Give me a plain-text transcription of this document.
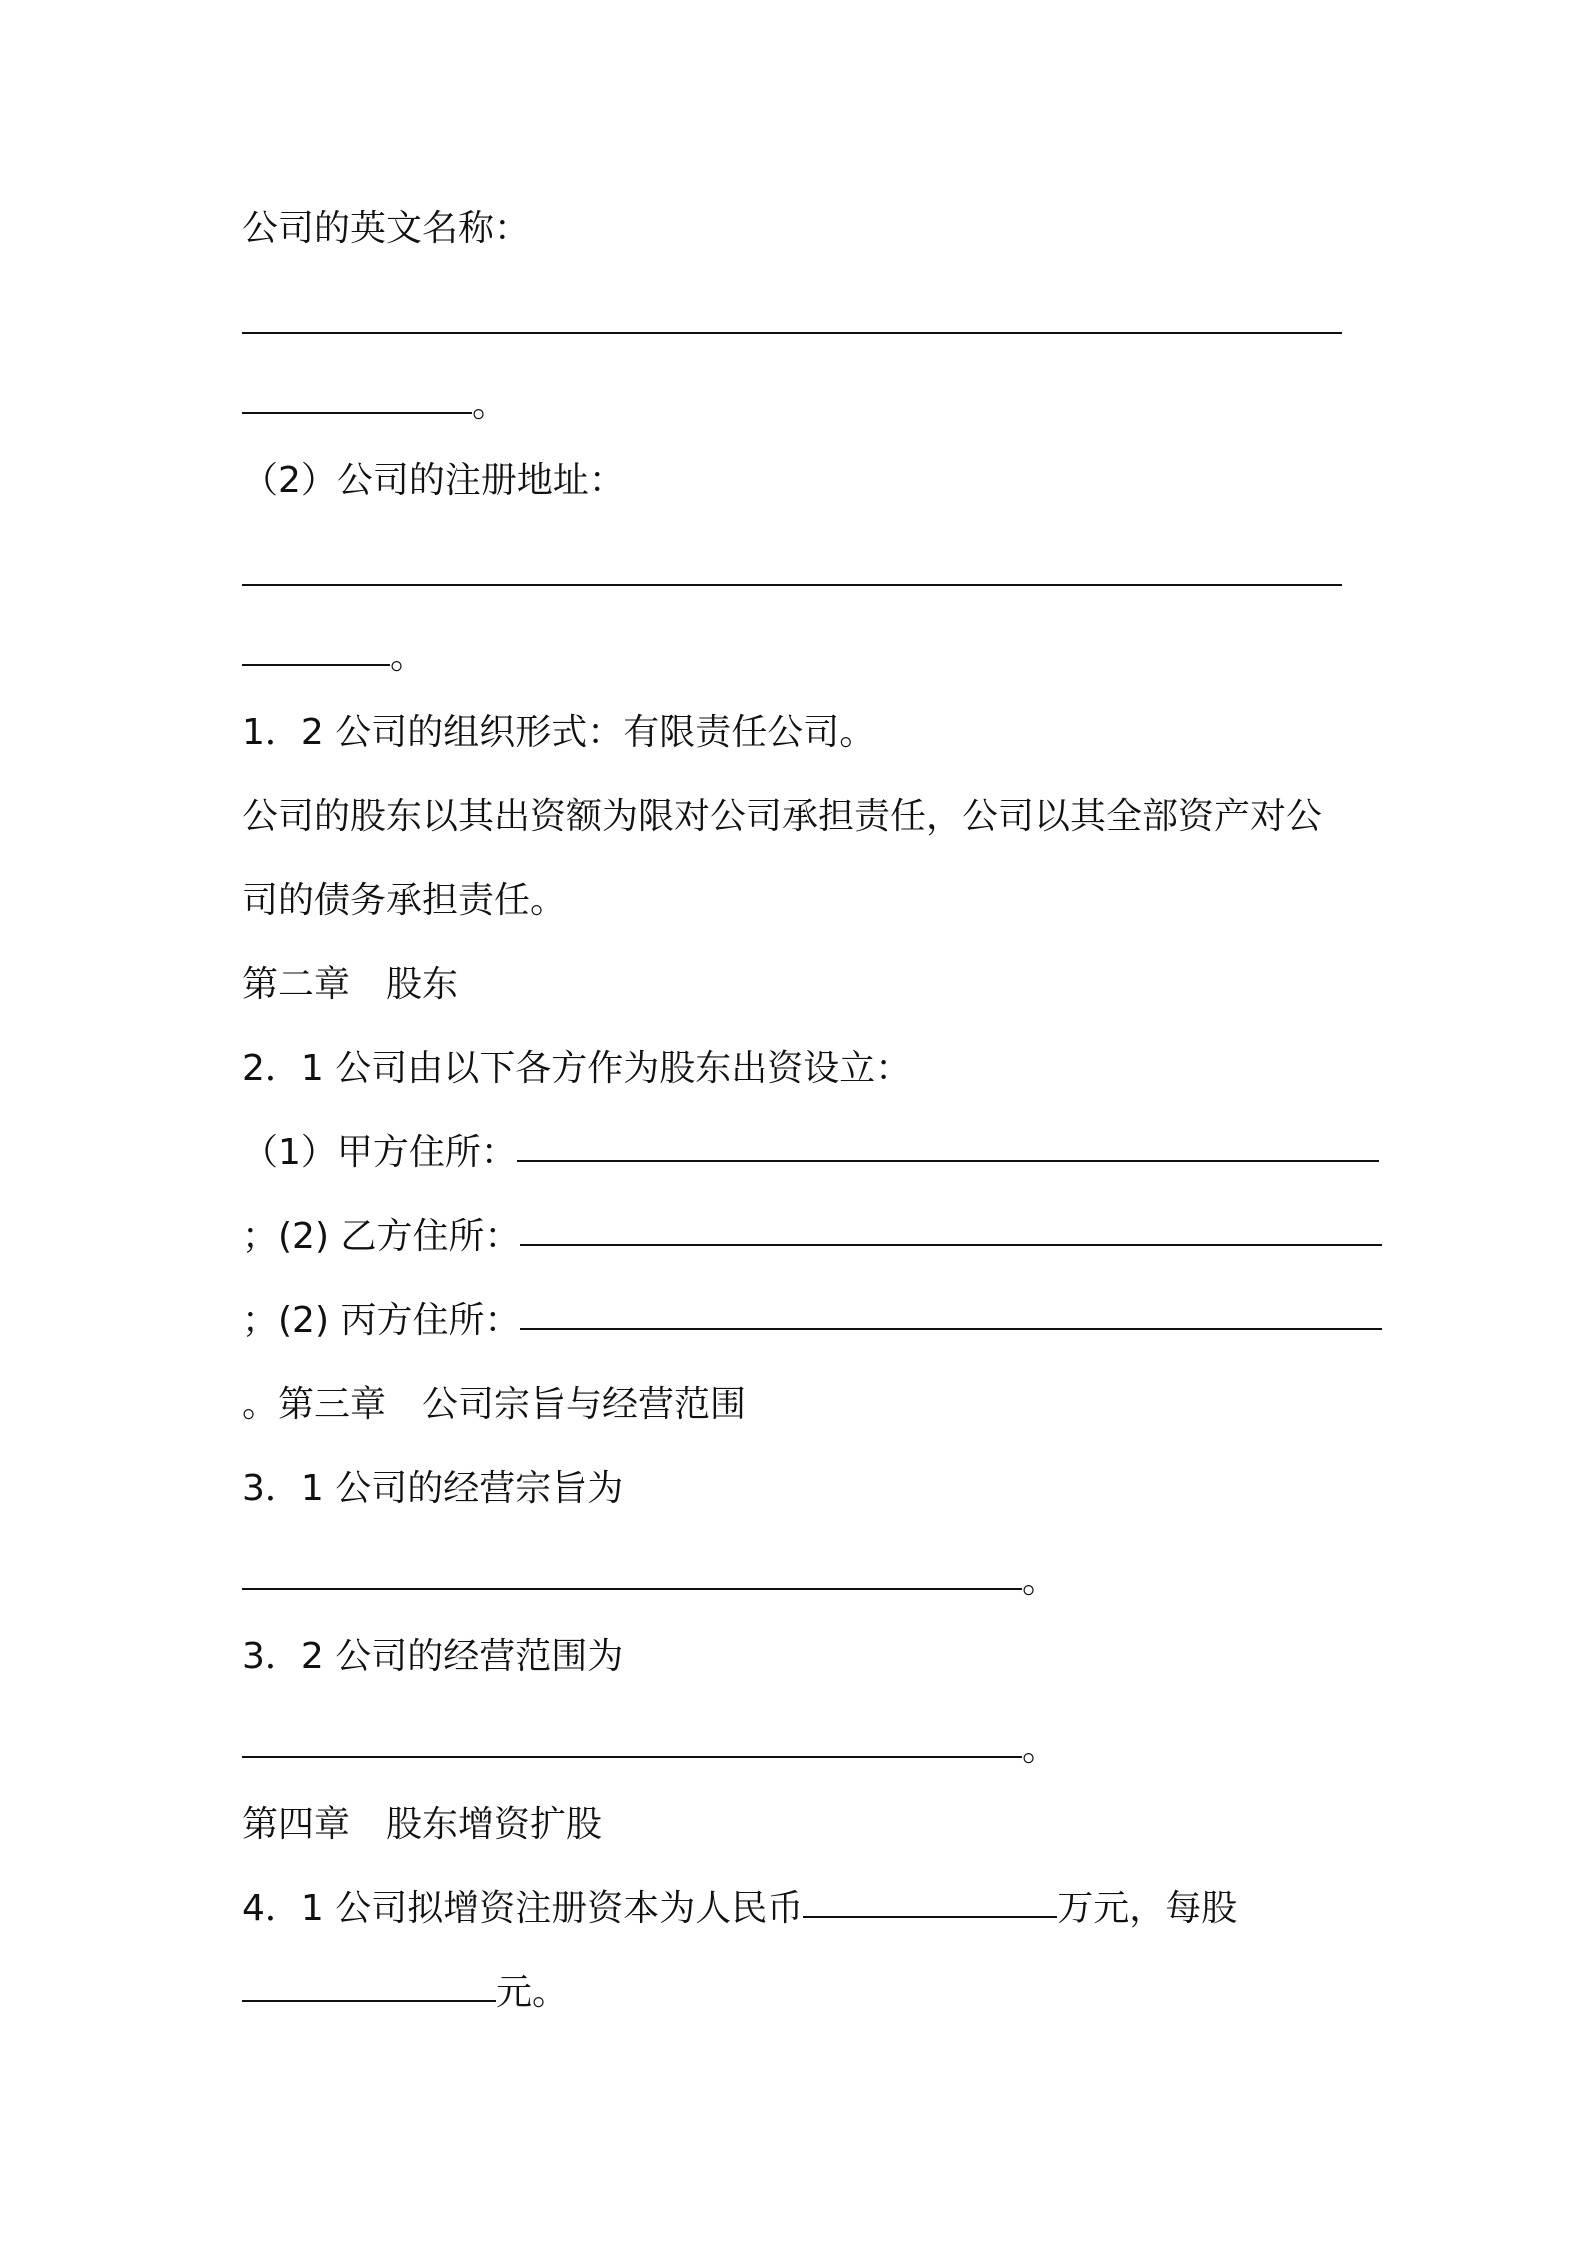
公司的英文名称：
。
（2）公司的注册地址：
。
1．2 公司的组织形式：有限责任公司。
公司的股东以其出资额为限对公司承担责任，公司以其全部资产对公
司的债务承担责任。
第二章　股东
2．1 公司由以下各方作为股东出资设立：
（1）甲方住所：
；(2) 乙方住所：
；(2) 丙方住所：
。第三章　公司宗旨与经营范围
3．1 公司的经营宗旨为
。
3．2 公司的经营范围为
。
第四章　股东增资扩股
4．1 公司拟增资注册资本为人民币	万元，每股
元。
